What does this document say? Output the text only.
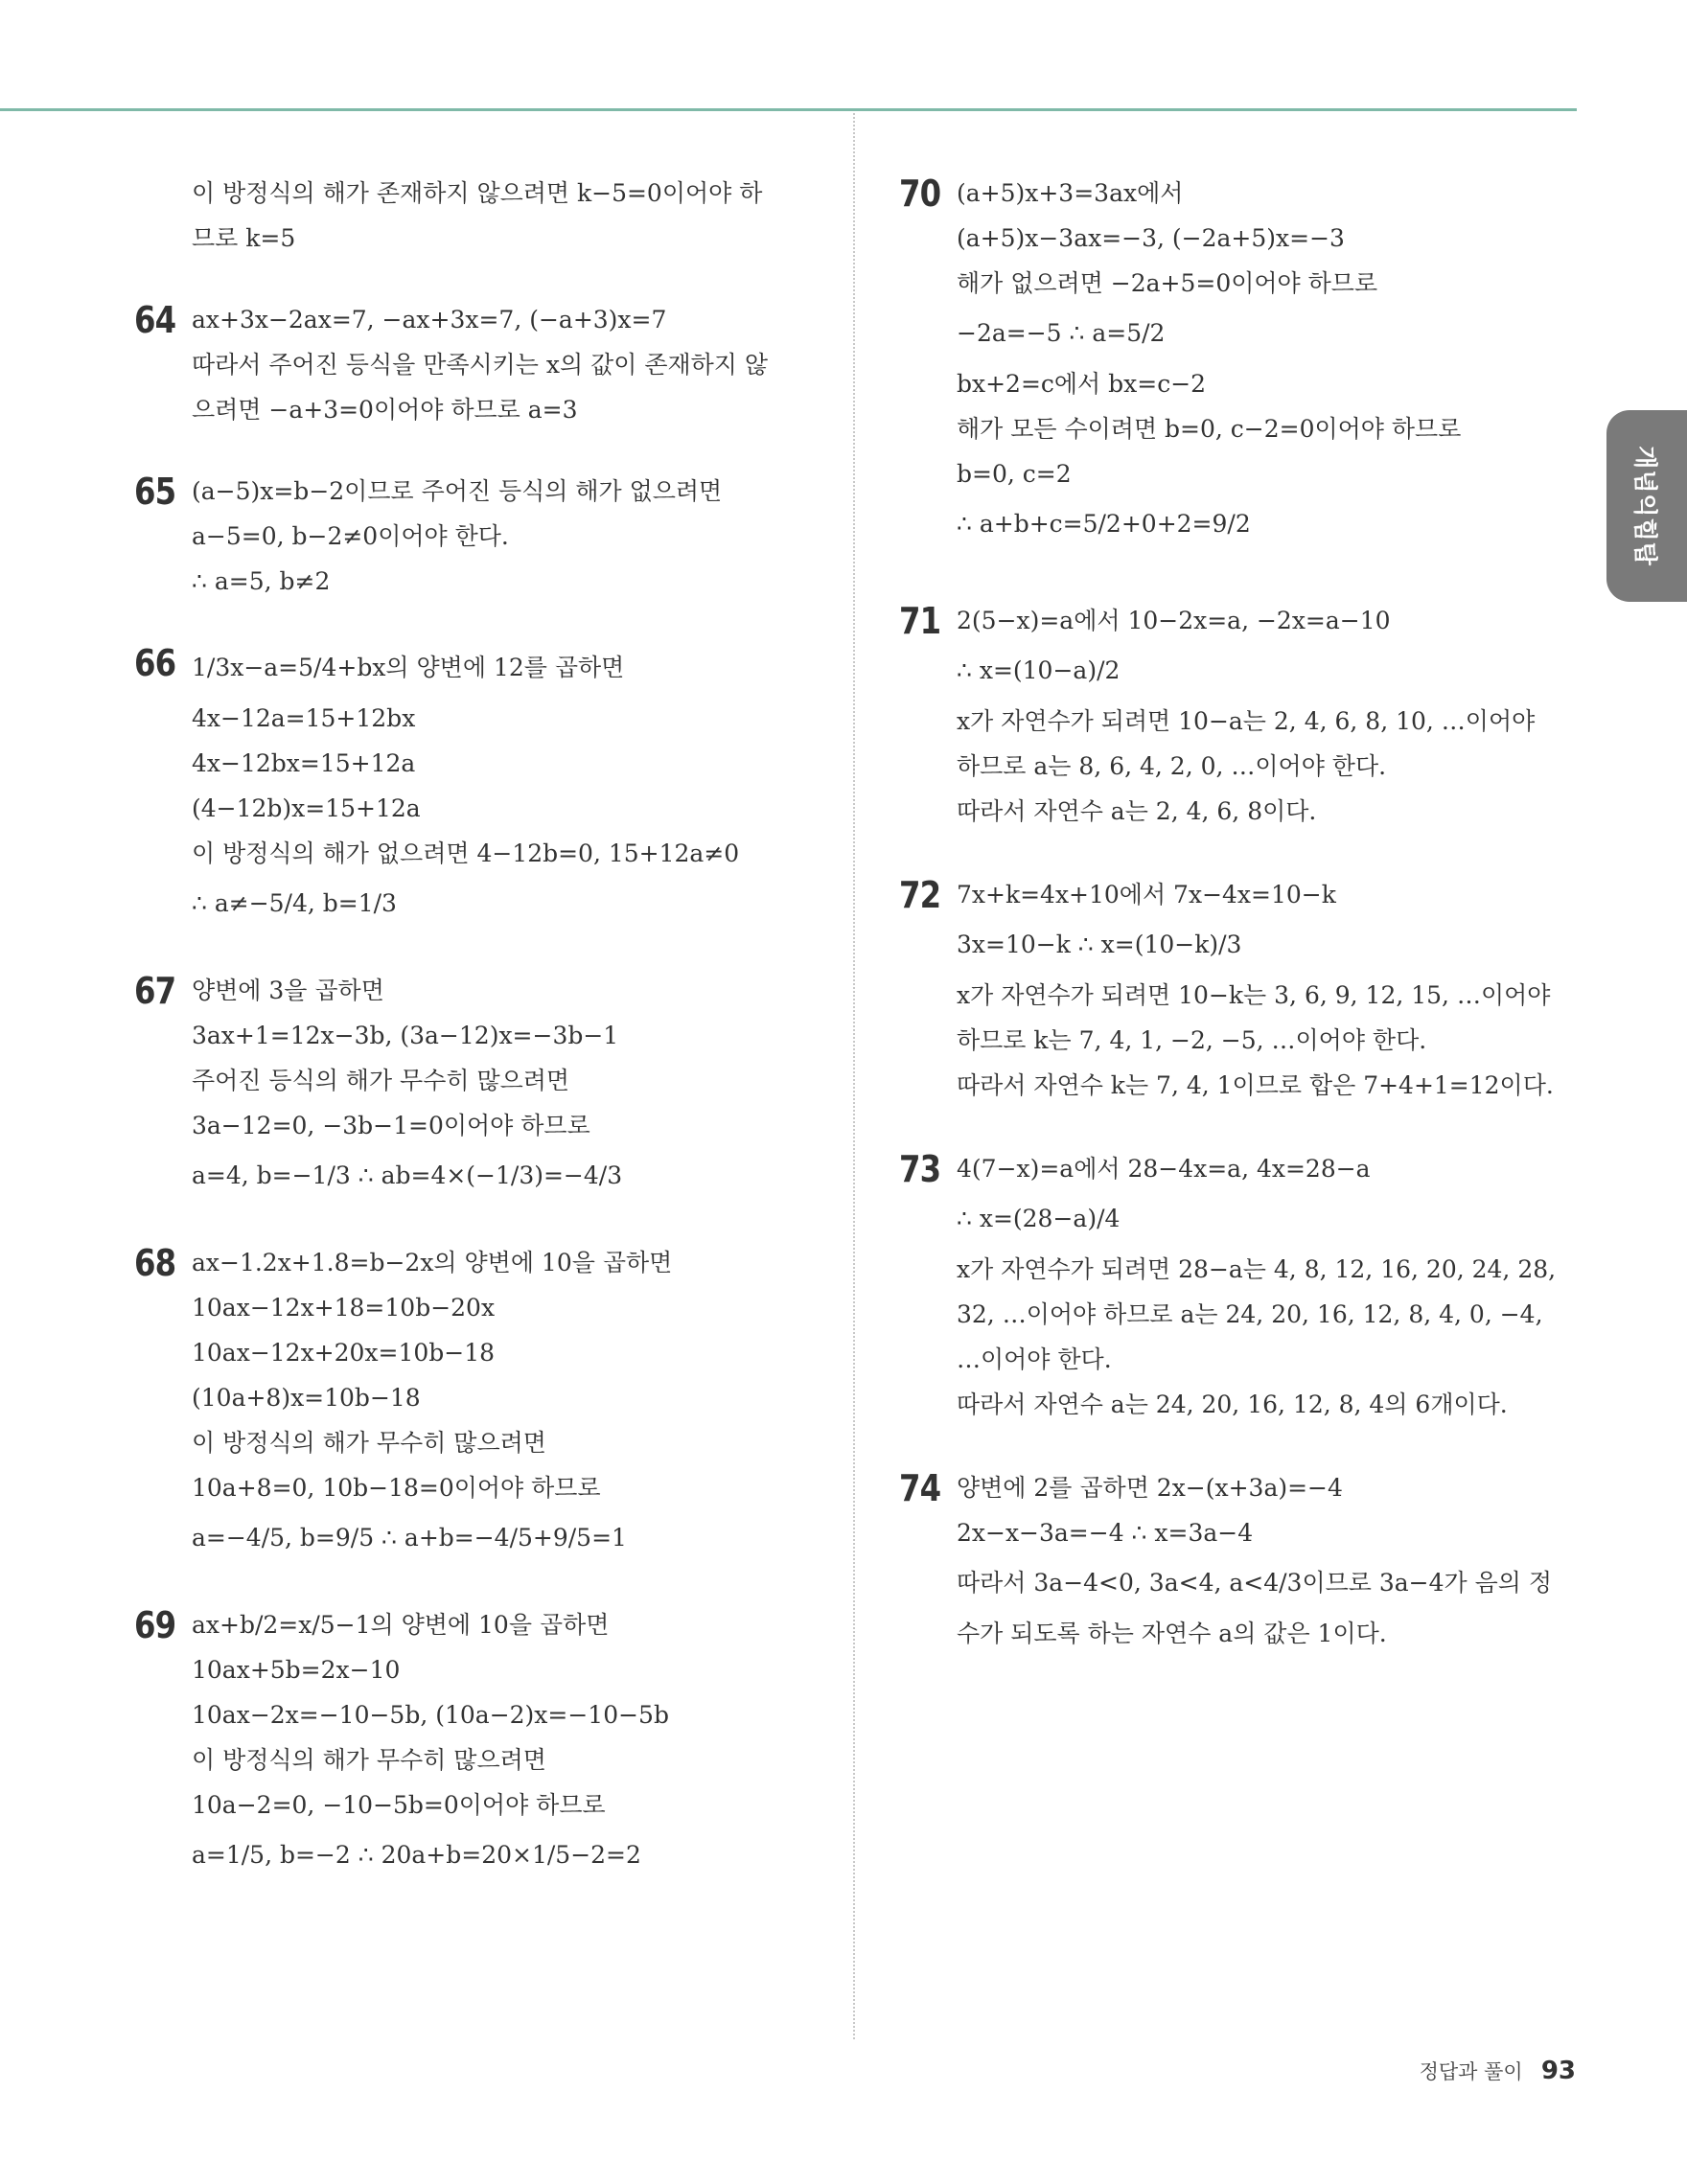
이 방정식의 해가 존재하지 않으려면 k−5=0이어야 하
므로 k=5
64 ax+3x−2ax=7, −ax+3x=7, (−a+3)x=7
따라서 주어진 등식을 만족시키는 x의 값이 존재하지 않
으려면 −a+3=0이어야 하므로 a=3
65 (a−5)x=b−2이므로 주어진 등식의 해가 없으려면
a−5=0, b−2≠0이어야 한다.
∴ a=5, b≠2
66 1/3x−a=5/4+bx의 양변에 12를 곱하면
4x−12a=15+12bx
4x−12bx=15+12a
(4−12b)x=15+12a
이 방정식의 해가 없으려면 4−12b=0, 15+12a≠0
∴ a≠−5/4, b=1/3
67 양변에 3을 곱하면
3ax+1=12x−3b, (3a−12)x=−3b−1
주어진 등식의 해가 무수히 많으려면
3a−12=0, −3b−1=0이어야 하므로
a=4, b=−1/3 ∴ ab=4×(−1/3)=−4/3
68 ax−1.2x+1.8=b−2x의 양변에 10을 곱하면
10ax−12x+18=10b−20x
10ax−12x+20x=10b−18
(10a+8)x=10b−18
이 방정식의 해가 무수히 많으려면
10a+8=0, 10b−18=0이어야 하므로
a=−4/5, b=9/5 ∴ a+b=−4/5+9/5=1
69 ax+b/2=x/5−1의 양변에 10을 곱하면
10ax+5b=2x−10
10ax−2x=−10−5b, (10a−2)x=−10−5b
이 방정식의 해가 무수히 많으려면
10a−2=0, −10−5b=0이어야 하므로
a=1/5, b=−2 ∴ 20a+b=20×1/5−2=2
70 (a+5)x+3=3ax에서
(a+5)x−3ax=−3, (−2a+5)x=−3
해가 없으려면 −2a+5=0이어야 하므로
−2a=−5 ∴ a=5/2
bx+2=c에서 bx=c−2
해가 모든 수이려면 b=0, c−2=0이어야 하므로
b=0, c=2
∴ a+b+c=5/2+0+2=9/2
71 2(5−x)=a에서 10−2x=a, −2x=a−10
∴ x=(10−a)/2
x가 자연수가 되려면 10−a는 2, 4, 6, 8, 10, …이어야
하므로 a는 8, 6, 4, 2, 0, …이어야 한다.
따라서 자연수 a는 2, 4, 6, 8이다.
72 7x+k=4x+10에서 7x−4x=10−k
3x=10−k ∴ x=(10−k)/3
x가 자연수가 되려면 10−k는 3, 6, 9, 12, 15, …이어야
하므로 k는 7, 4, 1, −2, −5, …이어야 한다.
따라서 자연수 k는 7, 4, 1이므로 합은 7+4+1=12이다.
73 4(7−x)=a에서 28−4x=a, 4x=28−a
∴ x=(28−a)/4
x가 자연수가 되려면 28−a는 4, 8, 12, 16, 20, 24, 28,
32, …이어야 하므로 a는 24, 20, 16, 12, 8, 4, 0, −4,
…이어야 한다.
따라서 자연수 a는 24, 20, 16, 12, 8, 4의 6개이다.
74 양변에 2를 곱하면 2x−(x+3a)=−4
2x−x−3a=−4 ∴ x=3a−4
따라서 3a−4<0, 3a<4, a<4/3이므로 3a−4가 음의 정
수가 되도록 하는 자연수 a의 값은 1이다.
개념익힘탑
정답과 풀이 93
